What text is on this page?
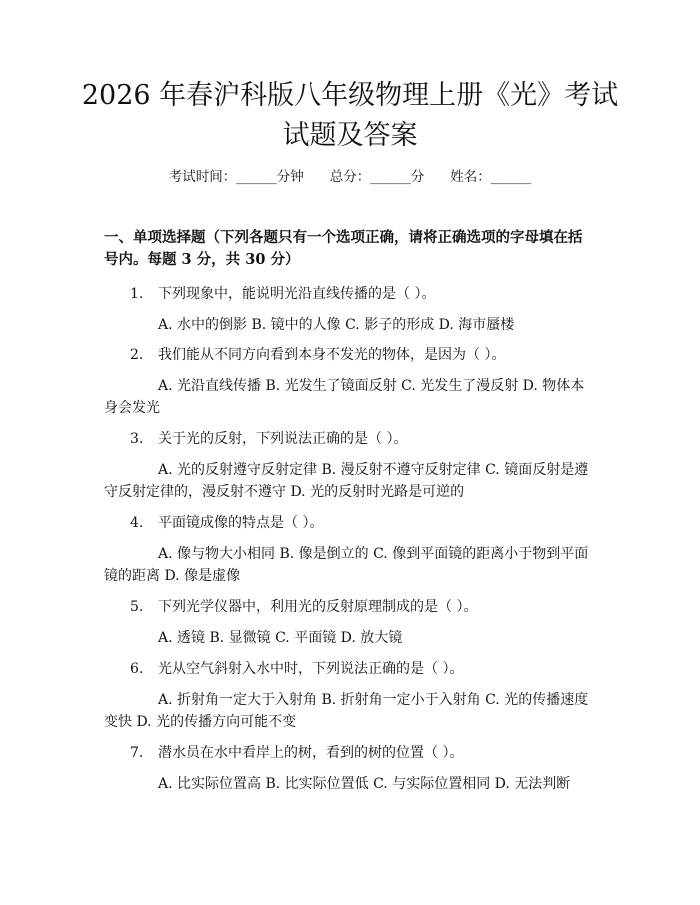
2026 年春沪科版八年级物理上册《光》考试试题及答案
考试时间：______分钟 总分：______分 姓名：______

一、单项选择题（下列各题只有一个选项正确，请将正确选项的字母填在括号内。每题 3 分，共 30 分）

1. 下列现象中，能说明光沿直线传播的是（ ）。

A. 水中的倒影 B. 镜中的人像 C. 影子的形成 D. 海市蜃楼

2. 我们能从不同方向看到本身不发光的物体，是因为（ ）。

A. 光沿直线传播 B. 光发生了镜面反射 C. 光发生了漫反射 D. 物体本身会发光

3. 关于光的反射，下列说法正确的是（ ）。

A. 光的反射遵守反射定律 B. 漫反射不遵守反射定律 C. 镜面反射是遵守反射定律的，漫反射不遵守 D. 光的反射时光路是可逆的

4. 平面镜成像的特点是（ ）。

A. 像与物大小相同 B. 像是倒立的 C. 像到平面镜的距离小于物到平面镜的距离 D. 像是虚像

5. 下列光学仪器中，利用光的反射原理制成的是（ ）。

A. 透镜 B. 显微镜 C. 平面镜 D. 放大镜

6. 光从空气斜射入水中时，下列说法正确的是（ ）。

A. 折射角一定大于入射角 B. 折射角一定小于入射角 C. 光的传播速度变快 D. 光的传播方向可能不变

7. 潜水员在水中看岸上的树，看到的树的位置（ ）。

A. 比实际位置高 B. 比实际位置低 C. 与实际位置相同 D. 无法判断
